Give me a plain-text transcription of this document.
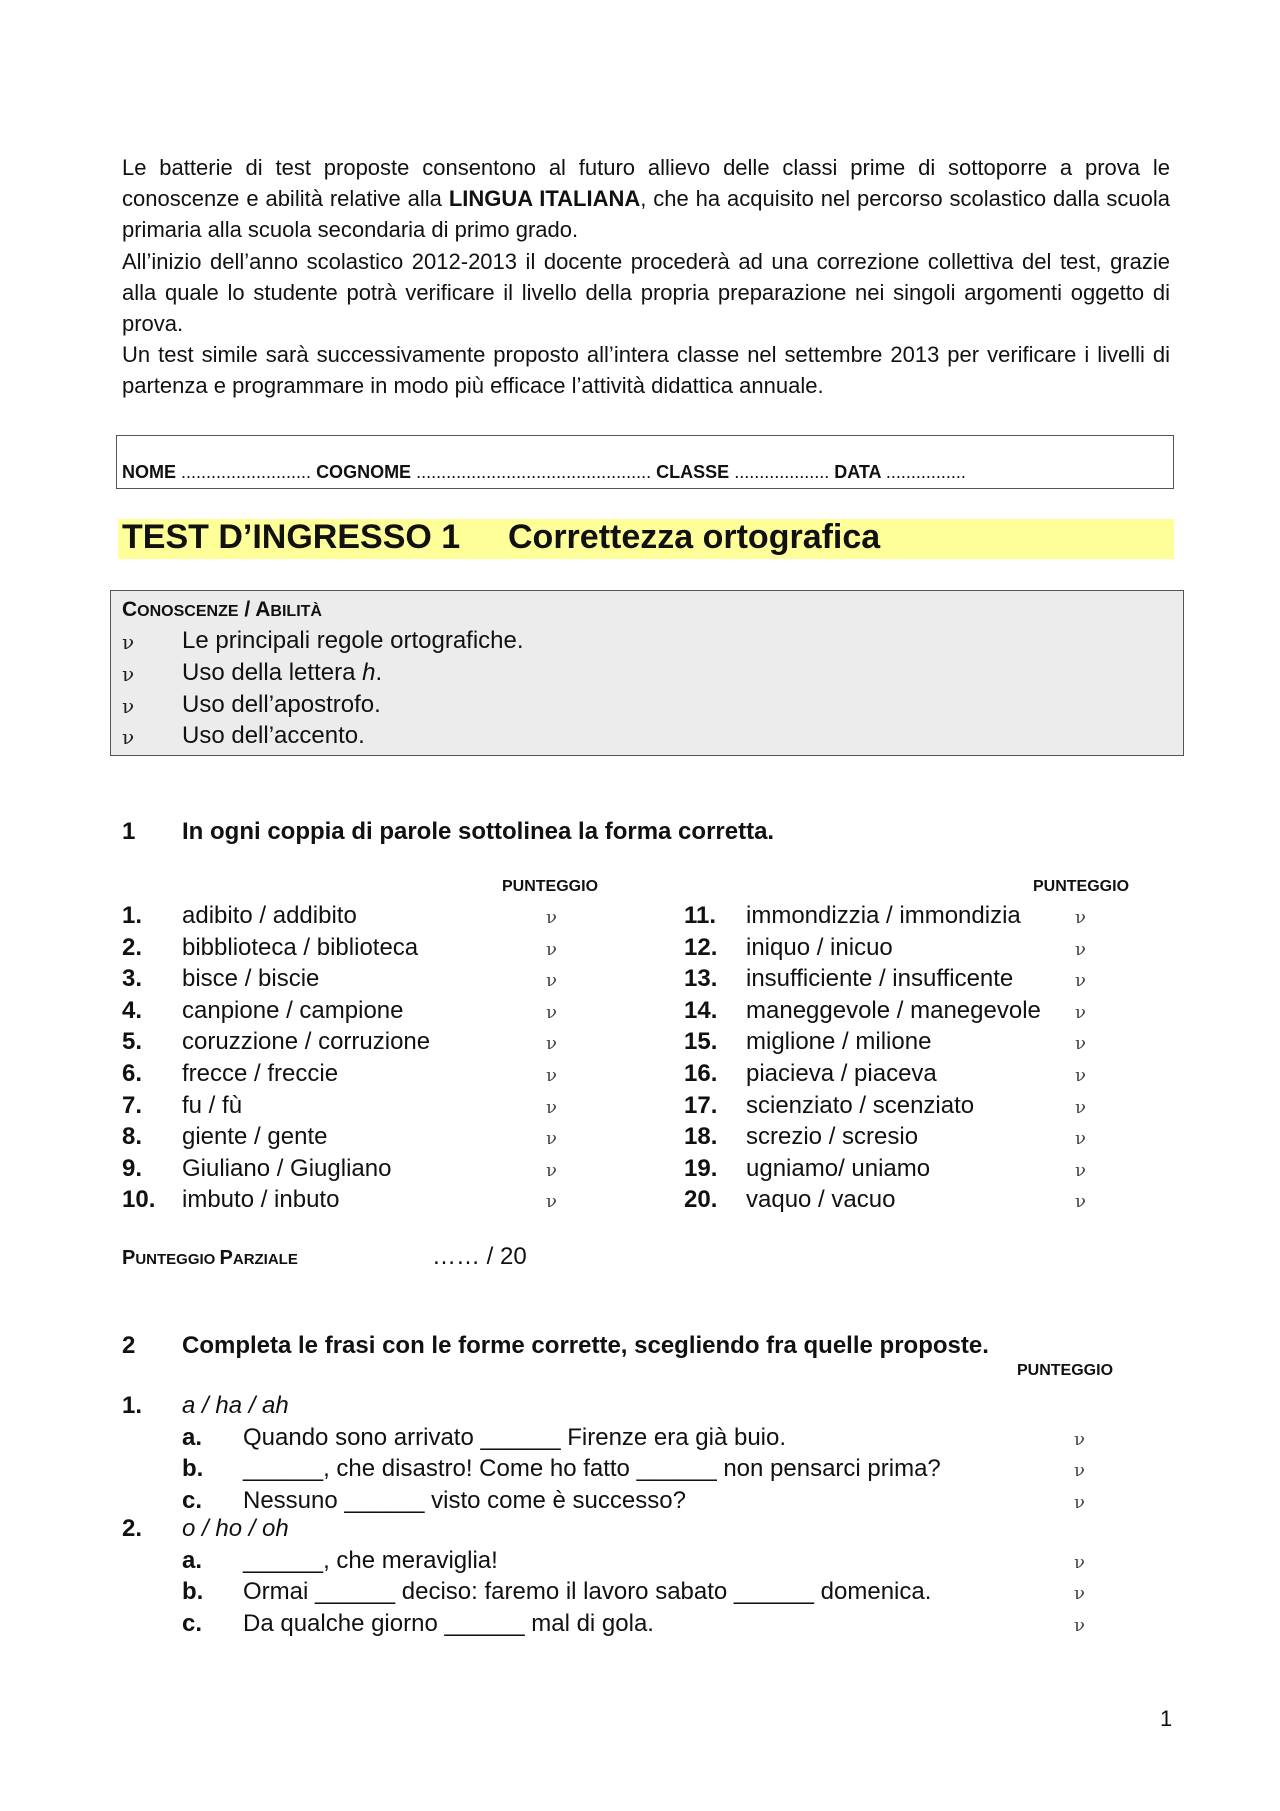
Le batterie di test proposte consentono al futuro allievo delle classi prime di sottoporre a prova le conoscenze e abilità relative alla LINGUA ITALIANA, che ha acquisito nel percorso scolastico dalla scuola primaria alla scuola secondaria di primo grado.

All’inizio dell’anno scolastico 2012-2013 il docente procederà ad una correzione collettiva del test, grazie alla quale lo studente potrà verificare il livello della propria preparazione nei singoli argomenti oggetto di prova.

Un test simile sarà successivamente proposto all’intera classe nel settembre 2013 per verificare i livelli di partenza e programmare in modo più efficace l’attività didattica annuale.

NOME .......................... COGNOME ............................................... CLASSE ................... DATA ................
TEST D’INGRESSO 1 Correttezza ortografica
CONOSCENZE / ABILITÀ
ν Le principali regole ortografiche.
ν Uso della lettera h.
ν Uso dell’apostrofo.
ν Uso dell’accento.
1 In ogni coppia di parole sottolinea la forma corretta.
PUNTEGGIO	PUNTEGGIO
1. adibito / addibito	ν	11. immondizzia / immondizia	ν
2. bibblioteca / biblioteca	ν	12. iniquo / inicuo	ν
3. bisce / biscie	ν	13. insufficiente / insufficente	ν
4. canpione / campione	ν	14. maneggevole / manegevole ν
5. coruzzione / corruzione	ν	15. miglione / milione	ν
6. frecce / freccie	ν	16. piacieva / piaceva	ν
7. fu / fù	ν	17. scienziato / scenziato	ν
8. giente / gente	ν	18. screzio / scresio	ν
9. Giuliano / Giugliano	ν	19. ugniamo/ uniamo	ν
10. imbuto / inbuto	ν	20. vaquo / vacuo	ν
PUNTEGGIO PARZIALE	…… / 20
2 Completa le frasi con le forme corrette, scegliendo fra quelle proposte.
PUNTEGGIO
1. a / ha / ah
a. Quando sono arrivato ______ Firenze era già buio.	ν
b. ______, che disastro! Come ho fatto ______ non pensarci prima?	ν
c. Nessuno ______ visto come è successo?	ν
2. o / ho / oh
a. ______, che meraviglia!	ν
b. Ormai ______ deciso: faremo il lavoro sabato ______ domenica.	ν
c. Da qualche giorno ______ mal di gola.	ν
1
